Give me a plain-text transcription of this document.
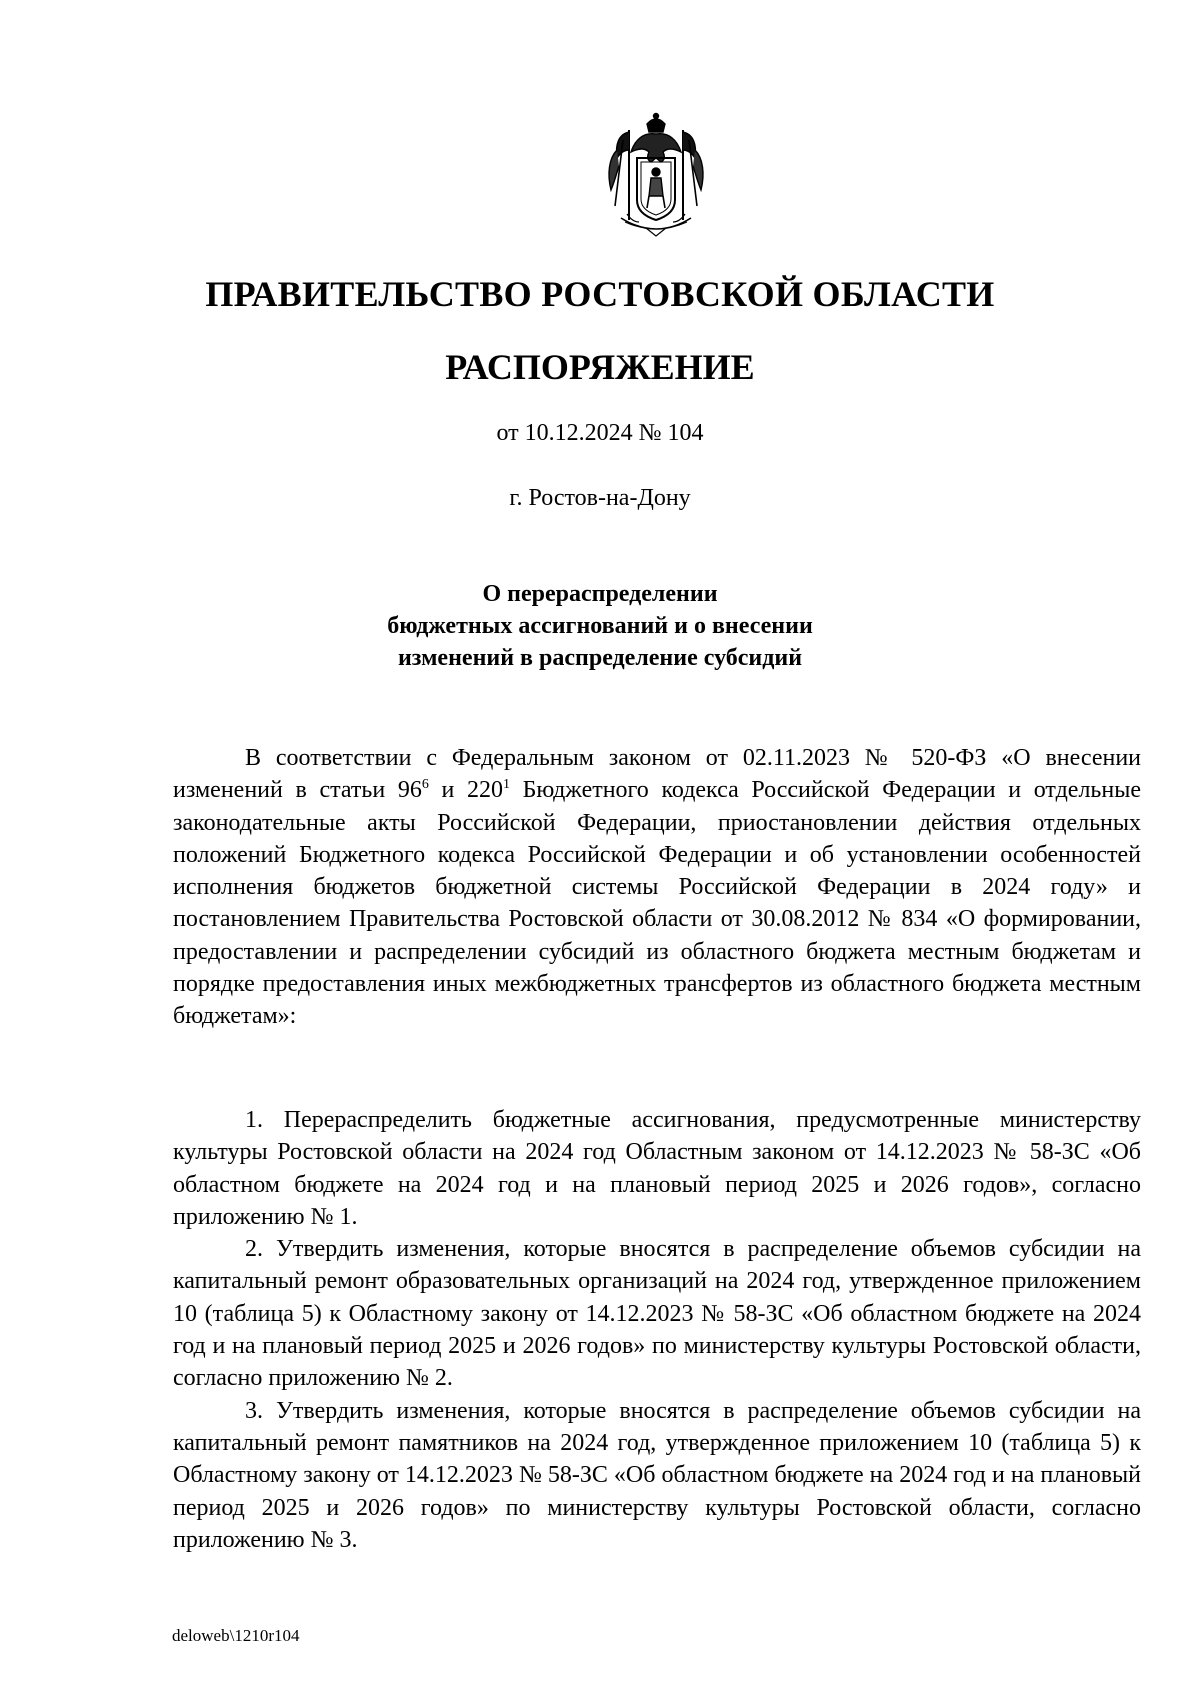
ПРАВИТЕЛЬСТВО РОСТОВСКОЙ ОБЛАСТИ
РАСПОРЯЖЕНИЕ
от 10.12.2024 № 104
г. Ростов-на-Дону
О перераспределении
бюджетных ассигнований и о внесении
изменений в распределение субсидий

В соответствии с Федеральным законом от 02.11.2023 № 520-ФЗ «О внесении изменений в статьи $96^6$ и $220^1$ Бюджетного кодекса Российской Федерации и отдельные законодательные акты Российской Федерации, приостановлении действия отдельных положений Бюджетного кодекса Российской Федерации и об установлении особенностей исполнения бюджетов бюджетной системы Российской Федерации в 2024 году» и постановлением Правительства Ростовской области от 30.08.2012 № 834 «О формировании, предоставлении и распределении субсидий из областного бюджета местным бюджетам и порядке предоставления иных межбюджетных трансфертов из областного бюджета местным бюджетам»:

1. Перераспределить бюджетные ассигнования, предусмотренные министерству культуры Ростовской области на 2024 год Областным законом от 14.12.2023 № 58-ЗС «Об областном бюджете на 2024 год и на плановый период 2025 и 2026 годов», согласно приложению № 1.

2. Утвердить изменения, которые вносятся в распределение объемов субсидии на капитальный ремонт образовательных организаций на 2024 год, утвержденное приложением 10 (таблица 5) к Областному закону от 14.12.2023 № 58-ЗС «Об областном бюджете на 2024 год и на плановый период 2025 и 2026 годов» по министерству культуры Ростовской области, согласно приложению № 2.

3. Утвердить изменения, которые вносятся в распределение объемов субсидии на капитальный ремонт памятников на 2024 год, утвержденное приложением 10 (таблица 5) к Областному закону от 14.12.2023 № 58-ЗС «Об областном бюджете на 2024 год и на плановый период 2025 и 2026 годов» по министерству культуры Ростовской области, согласно приложению № 3.

deloweb\1210r104
